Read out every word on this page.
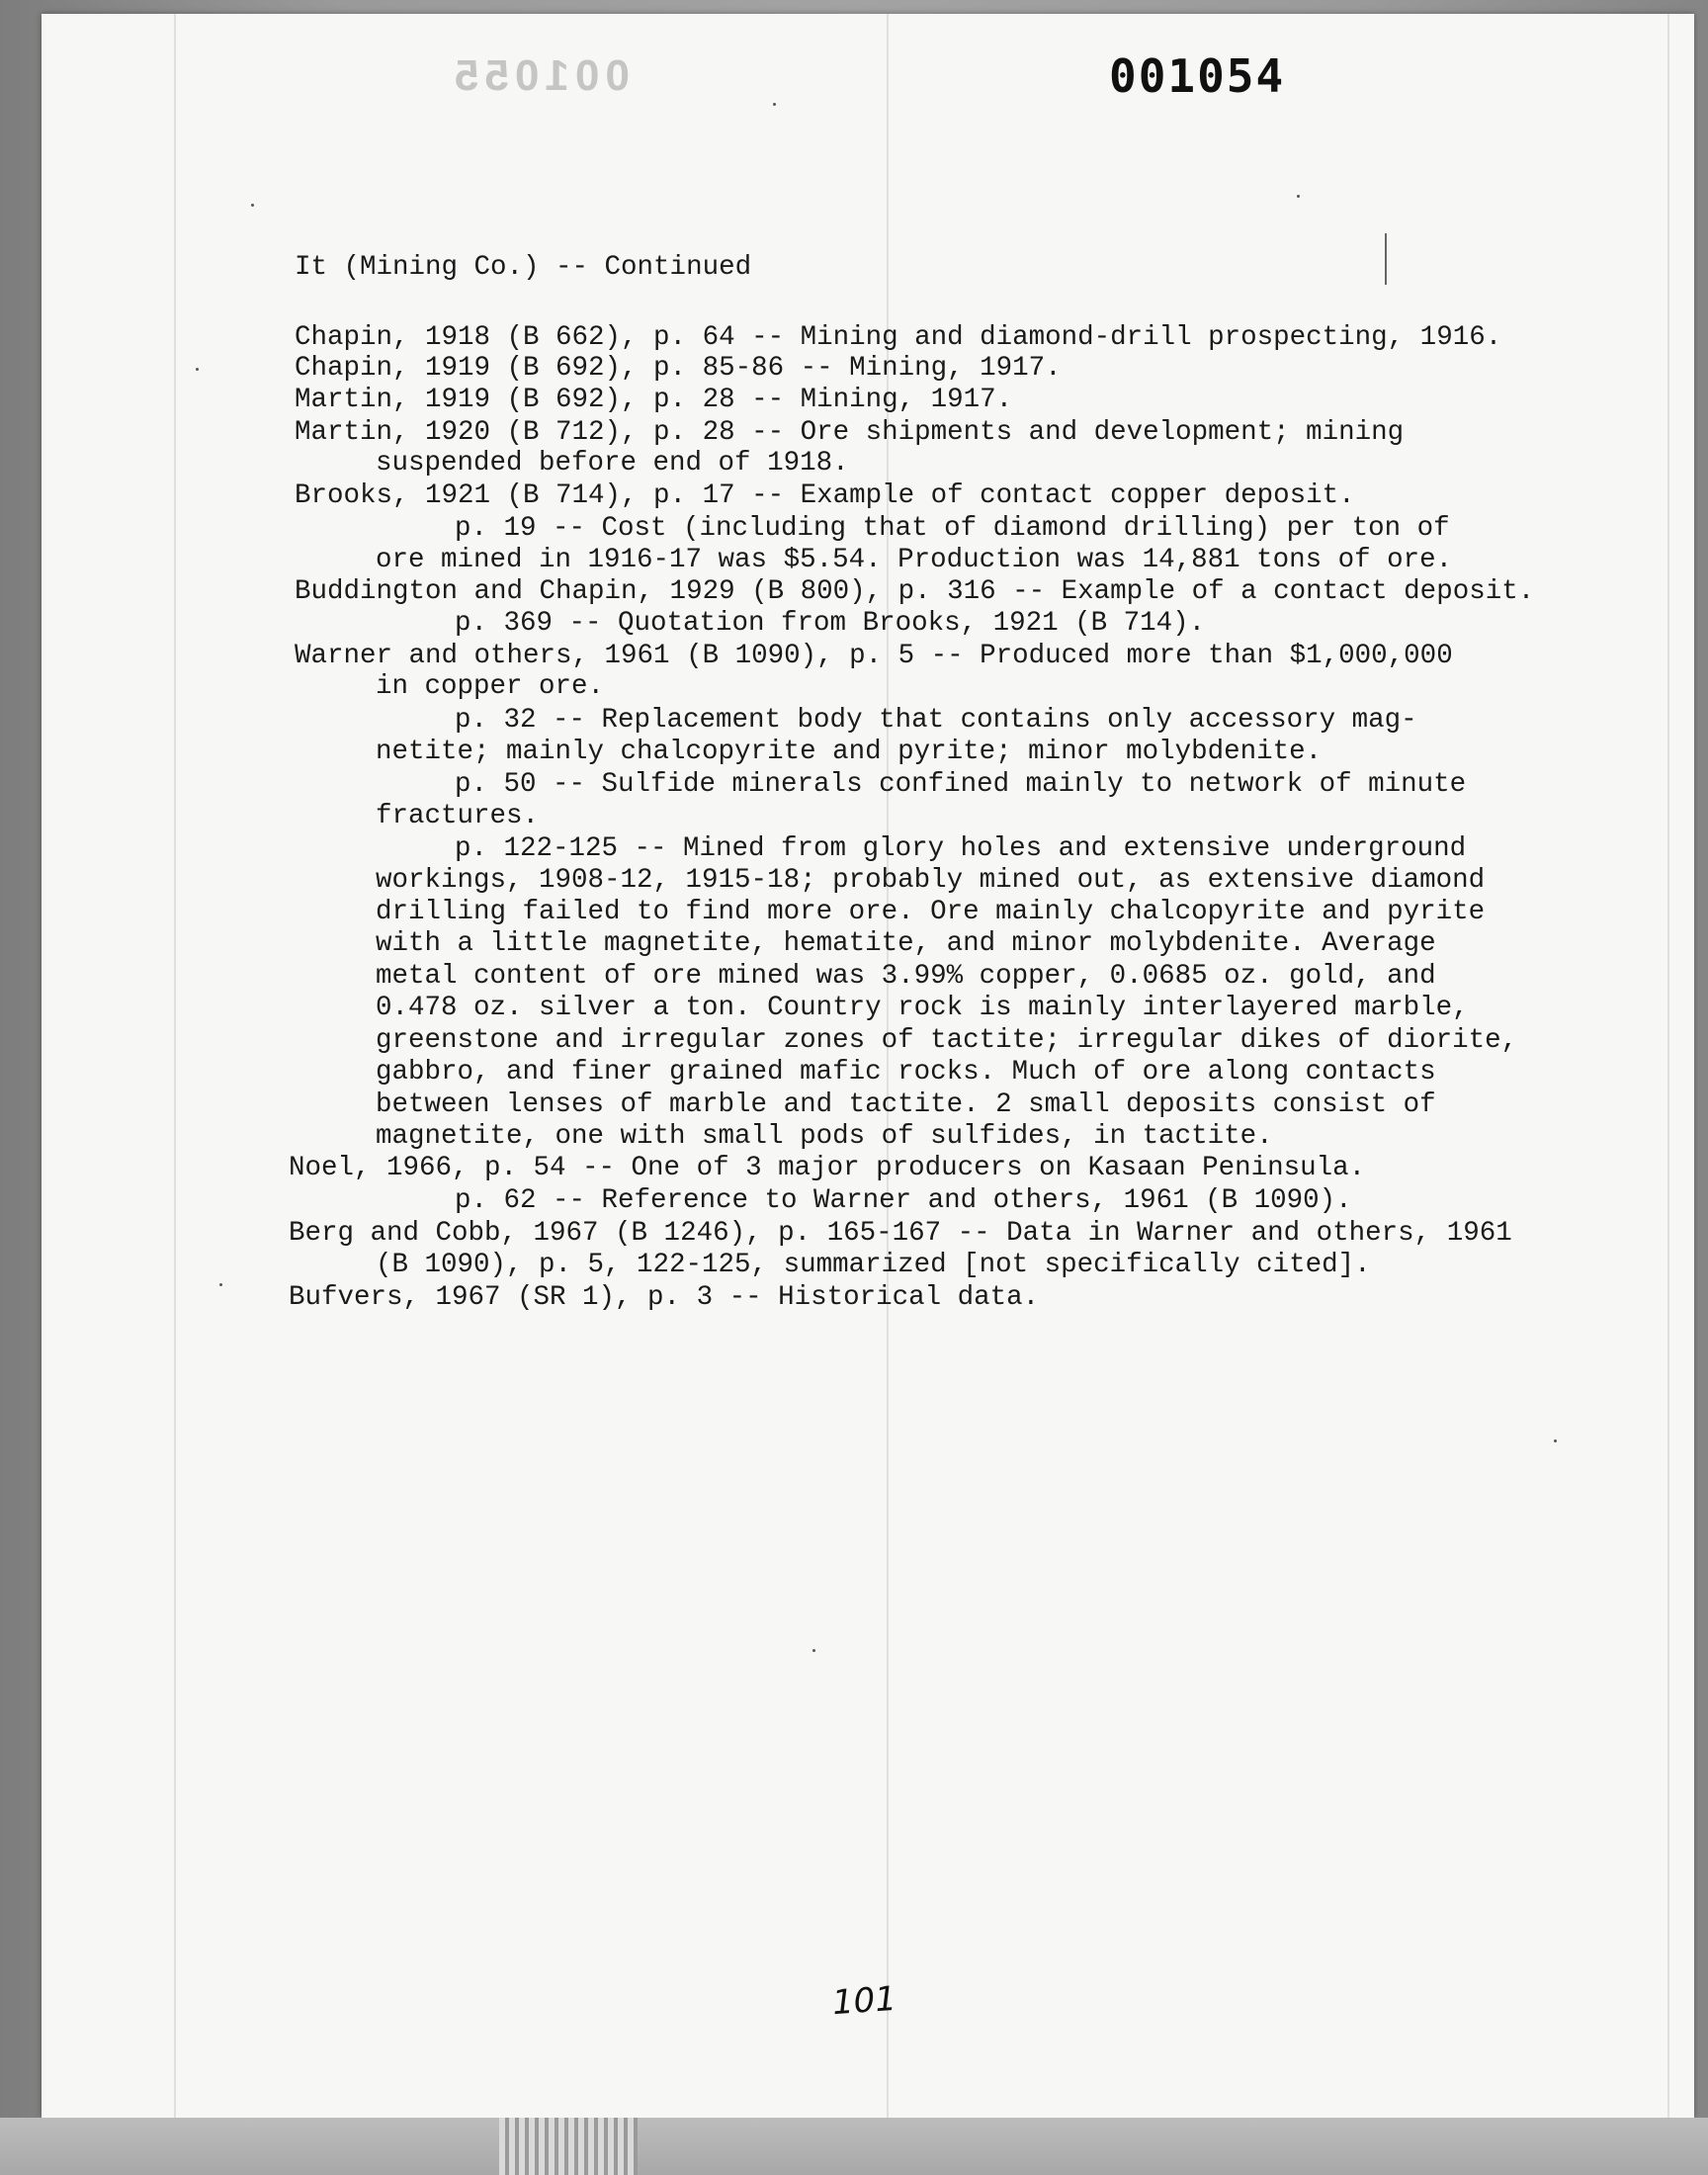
001055	001054
It (Mining Co.) -- Continued
Chapin, 1918 (B 662), p. 64 -- Mining and diamond-drill prospecting, 1916.
Chapin, 1919 (B 692), p. 85-86 -- Mining, 1917.
Martin, 1919 (B 692), p. 28 -- Mining, 1917.
Martin, 1920 (B 712), p. 28 -- Ore shipments and development; mining
suspended before end of 1918.
Brooks, 1921 (B 714), p. 17 -- Example of contact copper deposit.
p. 19 -- Cost (including that of diamond drilling) per ton of
ore mined in 1916-17 was $5.54. Production was 14,881 tons of ore.
Buddington and Chapin, 1929 (B 800), p. 316 -- Example of a contact deposit.
p. 369 -- Quotation from Brooks, 1921 (B 714).
Warner and others, 1961 (B 1090), p. 5 -- Produced more than $1,000,000
in copper ore.
p. 32 -- Replacement body that contains only accessory mag-
netite; mainly chalcopyrite and pyrite; minor molybdenite.
p. 50 -- Sulfide minerals confined mainly to network of minute
fractures.
p. 122-125 -- Mined from glory holes and extensive underground
workings, 1908-12, 1915-18; probably mined out, as extensive diamond
drilling failed to find more ore. Ore mainly chalcopyrite and pyrite
with a little magnetite, hematite, and minor molybdenite. Average
metal content of ore mined was 3.99% copper, 0.0685 oz. gold, and
0.478 oz. silver a ton. Country rock is mainly interlayered marble,
greenstone and irregular zones of tactite; irregular dikes of diorite,
gabbro, and finer grained mafic rocks. Much of ore along contacts
between lenses of marble and tactite. 2 small deposits consist of
magnetite, one with small pods of sulfides, in tactite.
Noel, 1966, p. 54 -- One of 3 major producers on Kasaan Peninsula.
p. 62 -- Reference to Warner and others, 1961 (B 1090).
Berg and Cobb, 1967 (B 1246), p. 165-167 -- Data in Warner and others, 1961
(B 1090), p. 5, 122-125, summarized [not specifically cited].
Bufvers, 1967 (SR 1), p. 3 -- Historical data.
101
